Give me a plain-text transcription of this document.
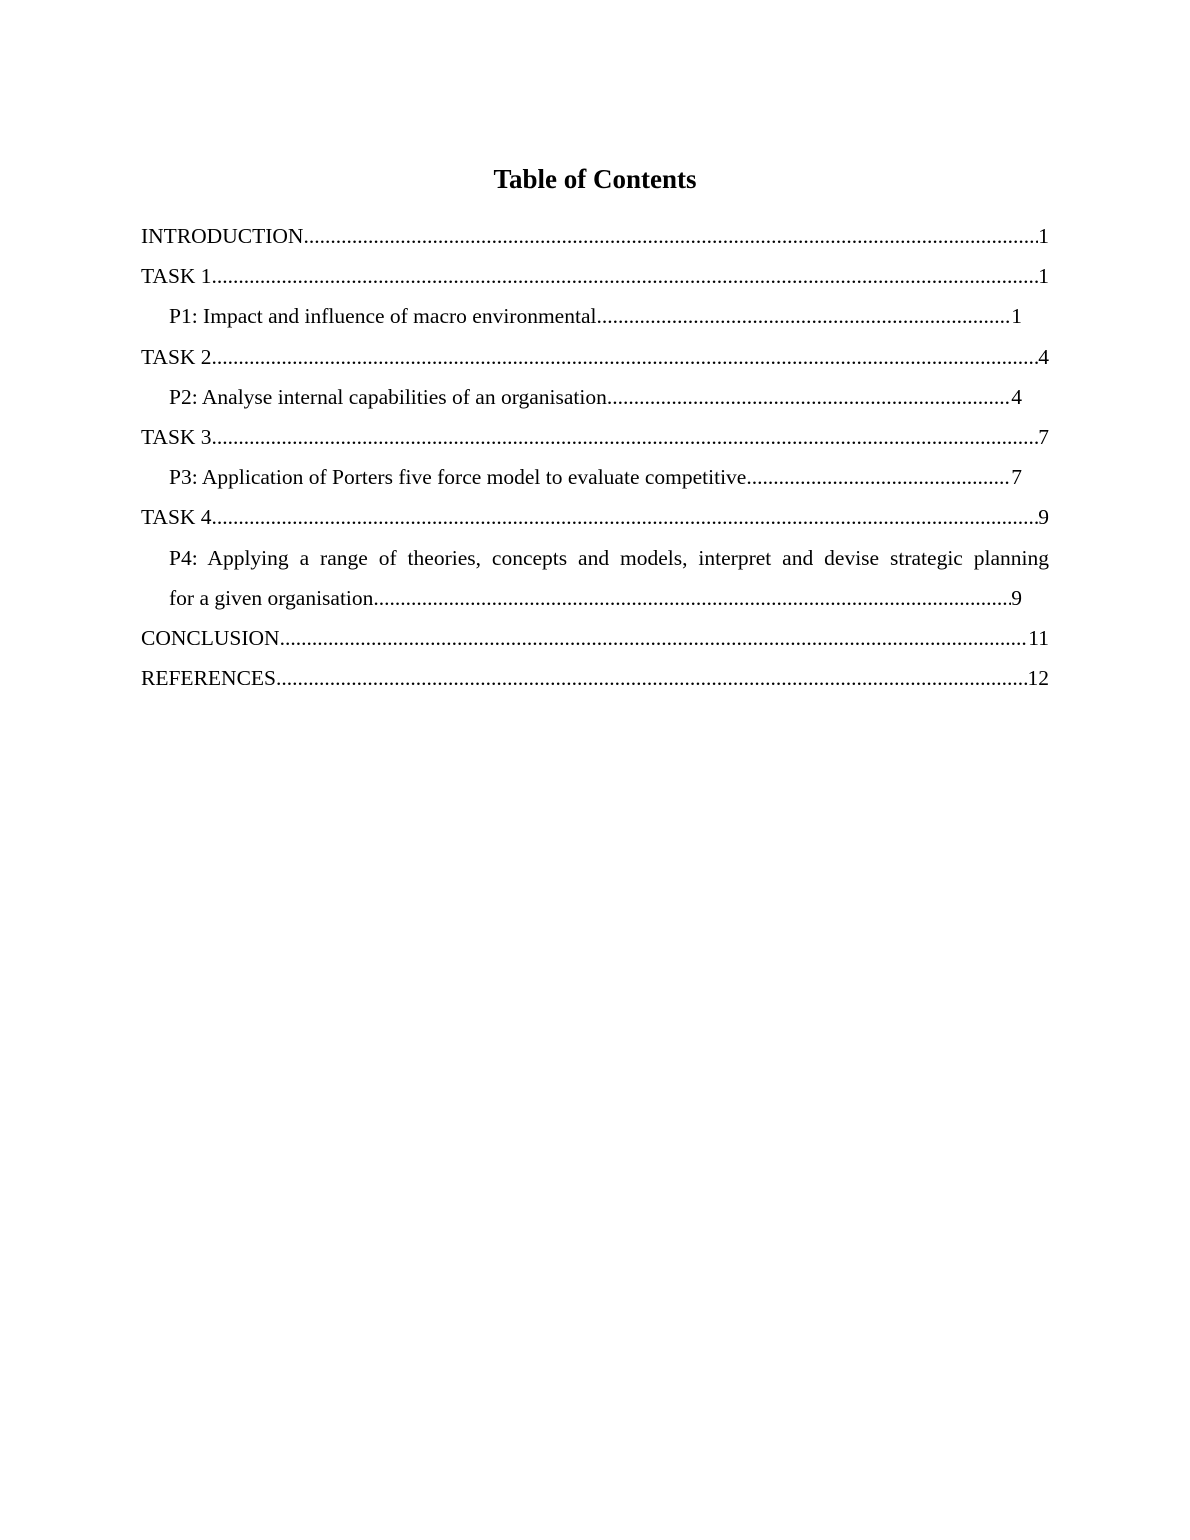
Table of Contents
INTRODUCTION .....	1
TASK 1 .....	1
P1: Impact and influence of macro environmental .....	1
TASK 2 .....	4
P2: Analyse internal capabilities of an organisation .....	4
TASK 3 .....	7
P3: Application of Porters five force model to evaluate competitive .....	7
TASK 4 .....	9
P4: Applying a range of theories, concepts and models, interpret and devise strategic planning
for a given organisation .....	9
CONCLUSION .....	11
REFERENCES .....	12
